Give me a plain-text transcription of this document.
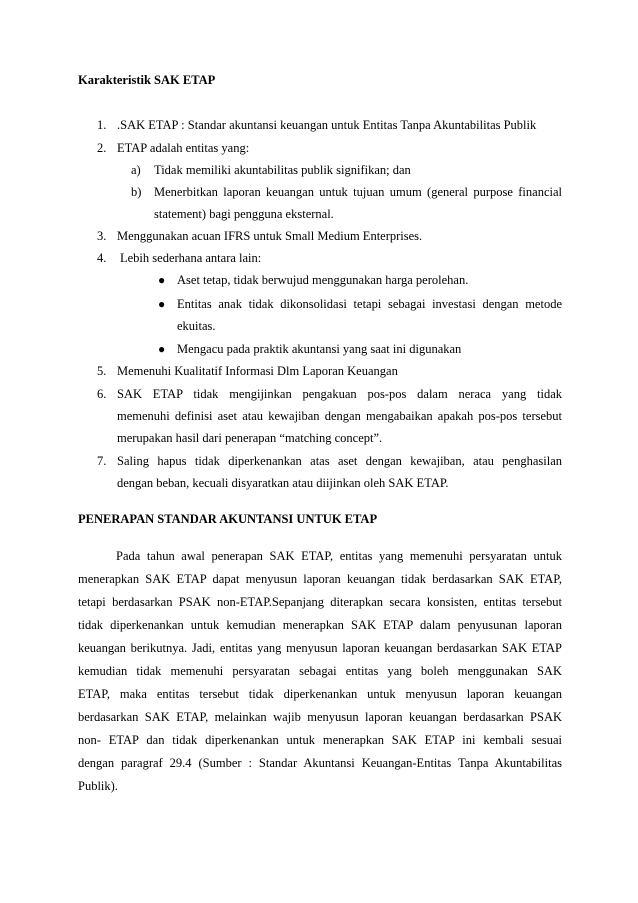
Karakteristik SAK ETAP
1. .SAK ETAP : Standar akuntansi keuangan untuk Entitas Tanpa Akuntabilitas Publik
2. ETAP adalah entitas yang:
a) Tidak memiliki akuntabilitas publik signifikan; dan
b) Menerbitkan laporan keuangan untuk tujuan umum (general purpose financial
statement) bagi pengguna eksternal.
3. Menggunakan acuan IFRS untuk Small Medium Enterprises.
4. Lebih sederhana antara lain:
● Aset tetap, tidak berwujud menggunakan harga perolehan.
● Entitas anak tidak dikonsolidasi tetapi sebagai investasi dengan metode
ekuitas.
● Mengacu pada praktik akuntansi yang saat ini digunakan
5. Memenuhi Kualitatif Informasi Dlm Laporan Keuangan
6. SAK ETAP tidak mengijinkan pengakuan pos-pos dalam neraca yang tidak
memenuhi definisi aset atau kewajiban dengan mengabaikan apakah pos-pos tersebut
merupakan hasil dari penerapan “matching concept”.
7. Saling hapus tidak diperkenankan atas aset dengan kewajiban, atau penghasilan
dengan beban, kecuali disyaratkan atau diijinkan oleh SAK ETAP.
PENERAPAN STANDAR AKUNTANSI UNTUK ETAP
Pada tahun awal penerapan SAK ETAP, entitas yang memenuhi persyaratan untuk
menerapkan SAK ETAP dapat menyusun laporan keuangan tidak berdasarkan SAK ETAP,
tetapi berdasarkan PSAK non-ETAP.Sepanjang diterapkan secara konsisten, entitas tersebut
tidak diperkenankan untuk kemudian menerapkan SAK ETAP dalam penyusunan laporan
keuangan berikutnya. Jadi, entitas yang menyusun laporan keuangan berdasarkan SAK ETAP
kemudian tidak memenuhi persyaratan sebagai entitas yang boleh menggunakan SAK
ETAP, maka entitas tersebut tidak diperkenankan untuk menyusun laporan keuangan
berdasarkan SAK ETAP, melainkan wajib menyusun laporan keuangan berdasarkan PSAK
non- ETAP dan tidak diperkenankan untuk menerapkan SAK ETAP ini kembali sesuai
dengan paragraf 29.4 (Sumber : Standar Akuntansi Keuangan-Entitas Tanpa Akuntabilitas
Publik).
